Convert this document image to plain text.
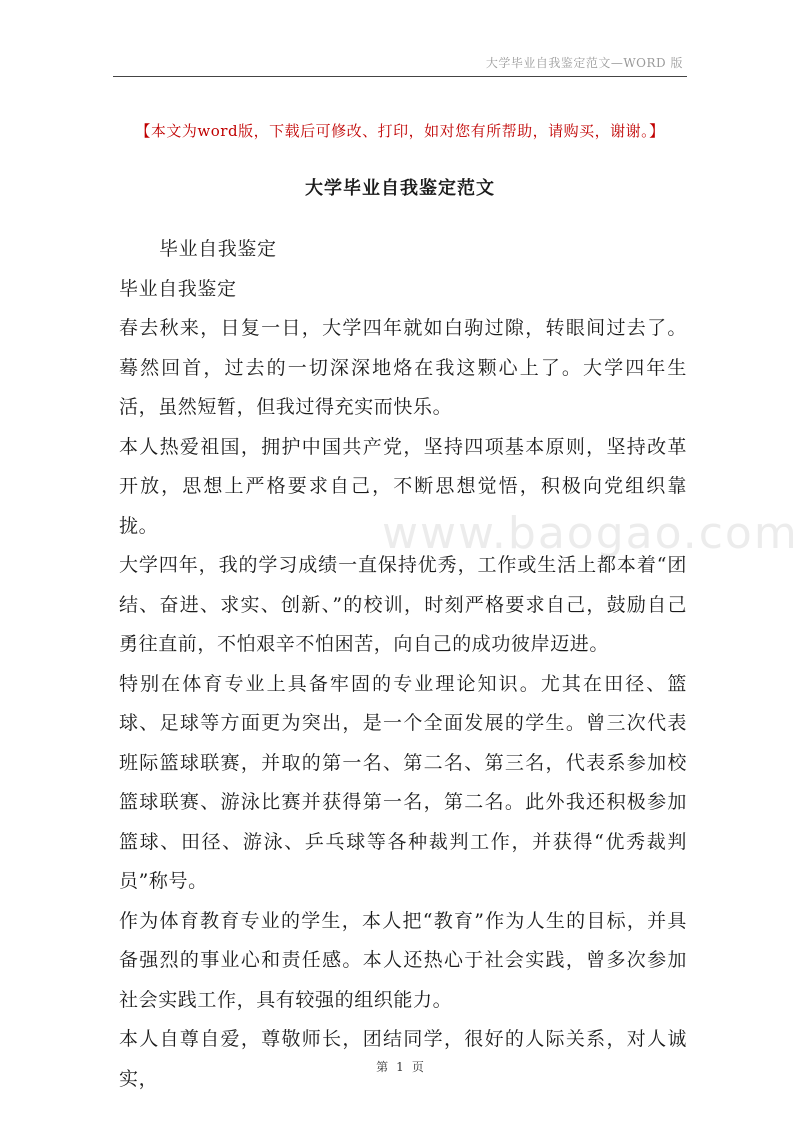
大学毕业自我鉴定范文—WORD 版
【本文为word版，下载后可修改、打印，如对您有所帮助，请购买，谢谢。】
大学毕业自我鉴定范文
www.baogao.com

毕业自我鉴定

毕业自我鉴定

春去秋来，日复一日，大学四年就如白驹过隙，转眼间过去了。蓦然回首，过去的一切深深地烙在我这颗心上了。大学四年生活，虽然短暂，但我过得充实而快乐。

本人热爱祖国，拥护中国共产党，坚持四项基本原则，坚持改革开放，思想上严格要求自己，不断思想觉悟，积极向党组织靠拢。

大学四年，我的学习成绩一直保持优秀，工作或生活上都本着“团结、奋进、求实、创新、”的校训，时刻严格要求自己，鼓励自己勇往直前，不怕艰辛不怕困苦，向自己的成功彼岸迈进。

特别在体育专业上具备牢固的专业理论知识。尤其在田径、篮球、足球等方面更为突出，是一个全面发展的学生。曾三次代表班际篮球联赛，并取的第一名、第二名、第三名，代表系参加校篮球联赛、游泳比赛并获得第一名，第二名。此外我还积极参加篮球、田径、游泳、乒乓球等各种裁判工作，并获得“优秀裁判员”称号。

作为体育教育专业的学生，本人把“教育”作为人生的目标，并具备强烈的事业心和责任感。本人还热心于社会实践，曾多次参加社会实践工作，具有较强的组织能力。

本人自尊自爱，尊敬师长，团结同学，很好的人际关系，对人诚实，

第 1 页
